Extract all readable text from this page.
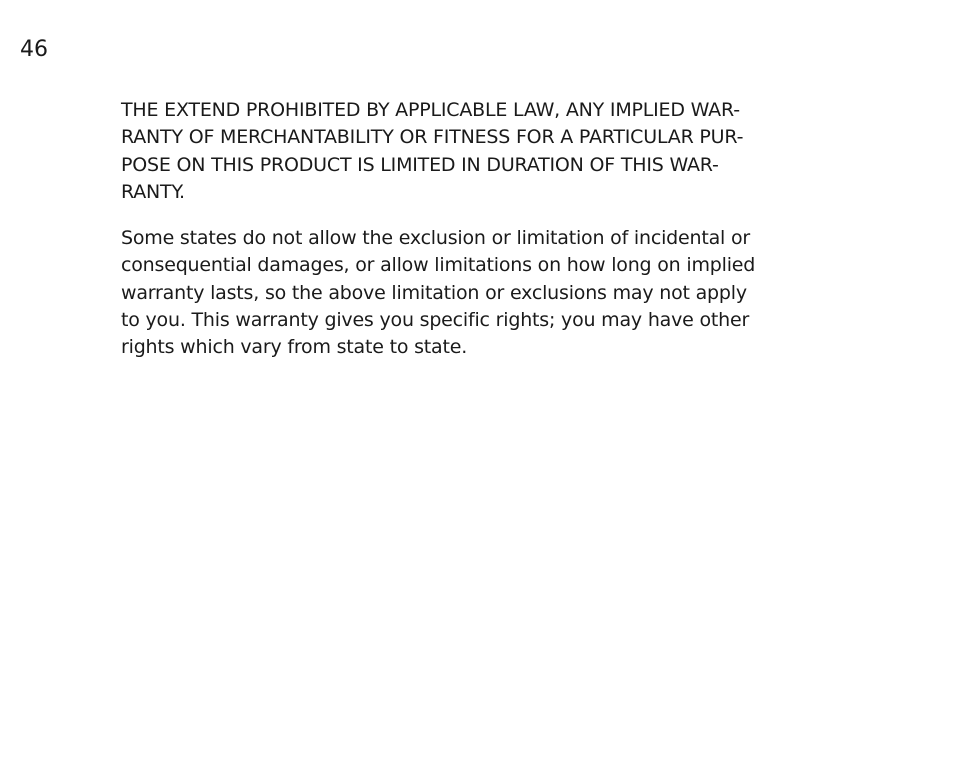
46

THE EXTEND PROHIBITED BY APPLICABLE LAW, ANY IMPLIED WAR-
RANTY OF MERCHANTABILITY OR FITNESS FOR A PARTICULAR PUR-
POSE ON THIS PRODUCT IS LIMITED IN DURATION OF THIS WAR-
RANTY.

Some states do not allow the exclusion or limitation of incidental or
consequential damages, or allow limitations on how long on implied
warranty lasts, so the above limitation or exclusions may not apply
to you. This warranty gives you specific rights; you may have other
rights which vary from state to state.
